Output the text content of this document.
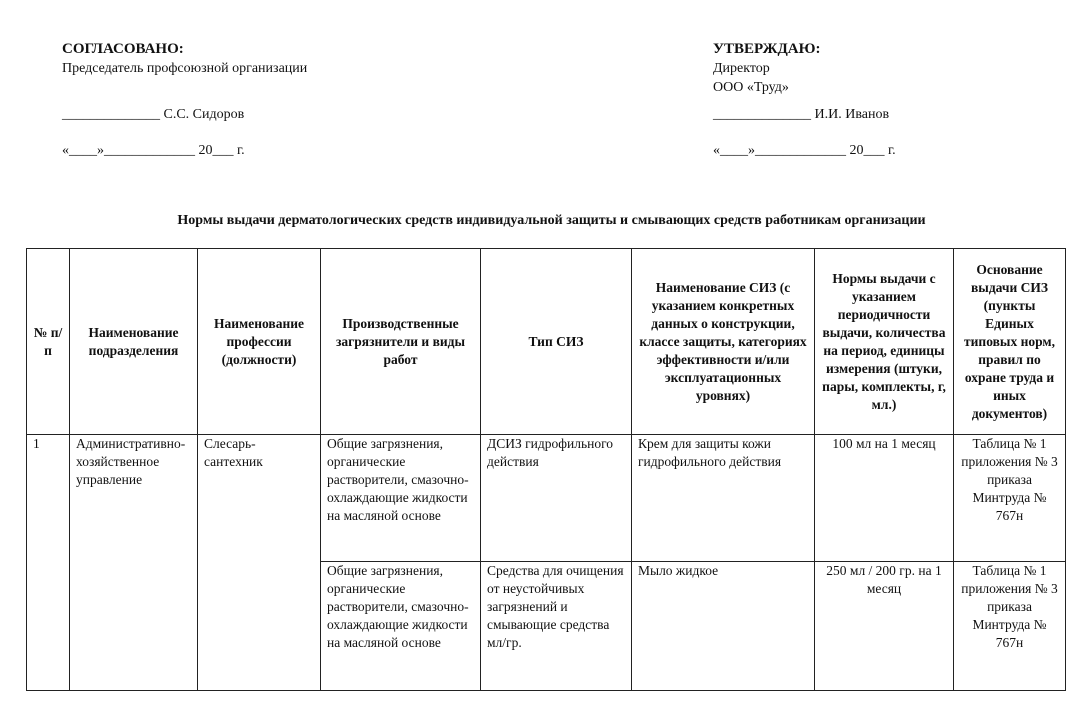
СОГЛАСОВАНО:
Председатель профсоюзной организации
______________ С.С. Сидоров
«____»_____________ 20___ г.
УТВЕРЖДАЮ:
Директор
ООО «Труд»
______________ И.И. Иванов
«____»_____________ 20___ г.
Нормы выдачи дерматологических средств индивидуальной защиты и смывающих средств работникам организации
№ п/п	Наименование подразделения	Наименование профессии (должности)	Производственные загрязнители и виды работ	Тип СИЗ	Наименование СИЗ (с указанием конкретных данных о конструкции, классе защиты, категориях эффективности и/или эксплуатационных уровнях)	Нормы выдачи с указанием периодичности выдачи, количества на период, единицы измерения (штуки, пары, комплекты, г, мл.)	Основание выдачи СИЗ (пункты Единых типовых норм, правил по охране труда и иных документов)
1	Административно-хозяйственное управление	Слесарь-сантехник	Общие загрязнения, органические растворители, смазочно-охлаждающие жидкости на масляной основе	ДСИЗ гидрофильного действия	Крем для защиты кожи гидрофильного действия	100 мл на 1 месяц	Таблица № 1 приложения № 3 приказа Минтруда № 767н
			Общие загрязнения, органические растворители, смазочно-охлаждающие жидкости на масляной основе	Средства для очищения от неустойчивых загрязнений и смывающие средства мл/гр.	Мыло жидкое	250 мл / 200 гр. на 1 месяц	Таблица № 1 приложения № 3 приказа Минтруда № 767н
